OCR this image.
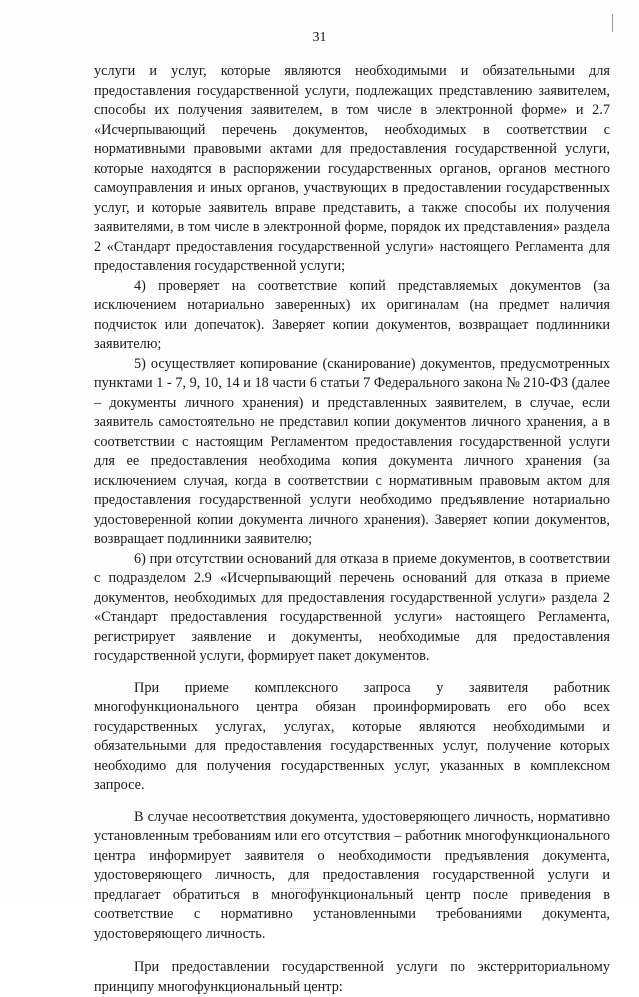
31

услуги и услуг, которые являются необходимыми и обязательными для предоставления государственной услуги, подлежащих представлению заявителем, способы их получения заявителем, в том числе в электронной форме» и 2.7 «Исчерпывающий перечень документов, необходимых в соответствии с нормативными правовыми актами для предоставления государственной услуги, которые находятся в распоряжении государственных органов, органов местного самоуправления и иных органов, участвующих в предоставлении государственных услуг, и которые заявитель вправе представить, а также способы их получения заявителями, в том числе в электронной форме, порядок их представления» раздела 2 «Стандарт предоставления государственной услуги» настоящего Регламента для предоставления государственной услуги;

4) проверяет на соответствие копий представляемых документов (за исключением нотариально заверенных) их оригиналам (на предмет наличия подчисток или допечаток). Заверяет копии документов, возвращает подлинники заявителю;

5) осуществляет копирование (сканирование) документов, предусмотренных пунктами 1 - 7, 9, 10, 14 и 18 части 6 статьи 7 Федерального закона № 210-ФЗ (далее – документы личного хранения) и представленных заявителем, в случае, если заявитель самостоятельно не представил копии документов личного хранения, а в соответствии с настоящим Регламентом предоставления государственной услуги для ее предоставления необходима копия документа личного хранения (за исключением случая, когда в соответствии с нормативным правовым актом для предоставления государственной услуги необходимо предъявление нотариально удостоверенной копии документа личного хранения). Заверяет копии документов, возвращает подлинники заявителю;

6) при отсутствии оснований для отказа в приеме документов, в соответствии с подразделом 2.9 «Исчерпывающий перечень оснований для отказа в приеме документов, необходимых для предоставления государственной услуги» раздела 2 «Стандарт предоставления государственной услуги» настоящего Регламента, регистрирует заявление и документы, необходимые для предоставления государственной услуги, формирует пакет документов.

При приеме комплексного запроса у заявителя работник многофункционального центра обязан проинформировать его обо всех государственных услугах, услугах, которые являются необходимыми и обязательными для предоставления государственных услуг, получение которых необходимо для получения государственных услуг, указанных в комплексном запросе.

В случае несоответствия документа, удостоверяющего личность, нормативно установленным требованиям или его отсутствия – работник многофункционального центра информирует заявителя о необходимости предъявления документа, удостоверяющего личность, для предоставления государственной услуги и предлагает обратиться в многофункциональный центр после приведения в соответствие с нормативно установленными требованиями документа, удостоверяющего личность.

При предоставлении государственной услуги по экстерриториальному принципу многофункциональный центр:
